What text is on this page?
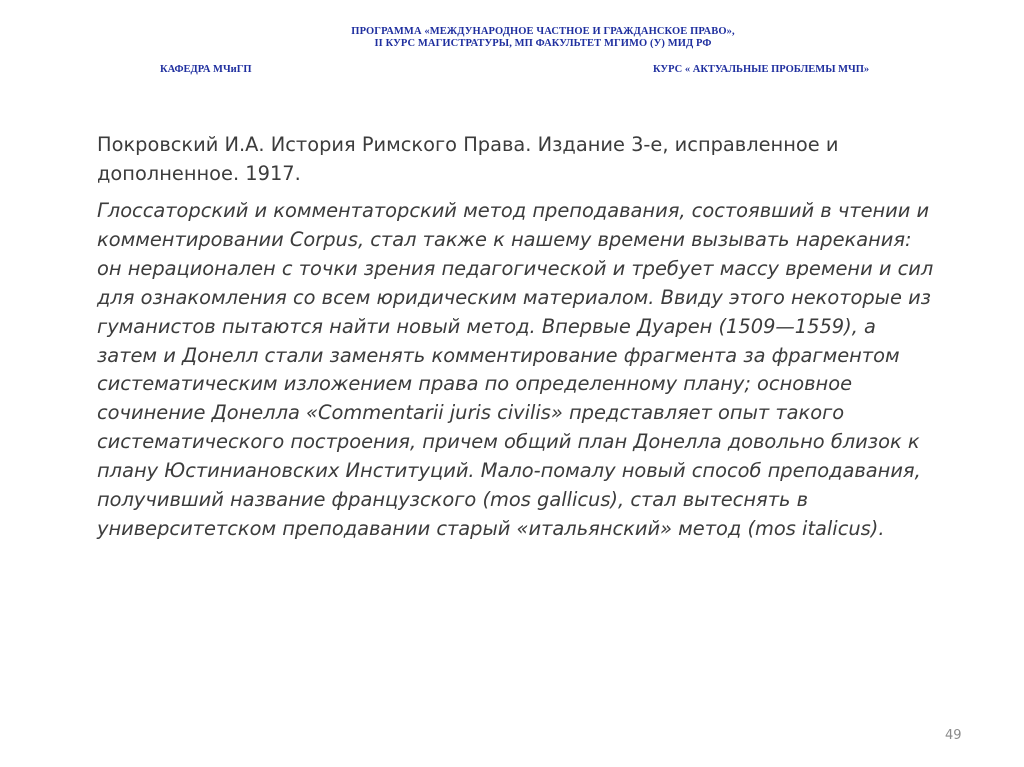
ПРОГРАММА «МЕЖДУНАРОДНОЕ ЧАСТНОЕ И ГРАЖДАНСКОЕ ПРАВО»,
II КУРС МАГИСТРАТУРЫ, МП ФАКУЛЬТЕТ МГИМО (У) МИД РФ
КАФЕДРА МЧиГП	КУРС « АКТУАЛЬНЫЕ ПРОБЛЕМЫ МЧП»

Покровский И.А. История Римского Права. Издание 3-е, исправленное и дополненное. 1917.

Глоссаторский и комментаторский метод преподавания, состоявший в чтении и комментировании Corpus, стал также к нашему времени вызывать нарекания: он нерационален с точки зрения педагогической и требует массу времени и сил для ознакомления со всем юридическим материалом. Ввиду этого некоторые из гуманистов пытаются найти новый метод. Впервые Дуарен (1509—1559), а затем и Донелл стали заменять комментирование фрагмента за фрагментом систематическим изложением права по определенному плану; основное сочинение Донелла «Commentarii juris civilis» представляет опыт такого систематического построения, причем общий план Донелла довольно близок к плану Юстиниановских Институций. Мало-помалу новый способ преподавания, получивший название французского (mos gallicus), стал вытеснять в университетском преподавании старый «итальянский» метод (mos italicus).

49
